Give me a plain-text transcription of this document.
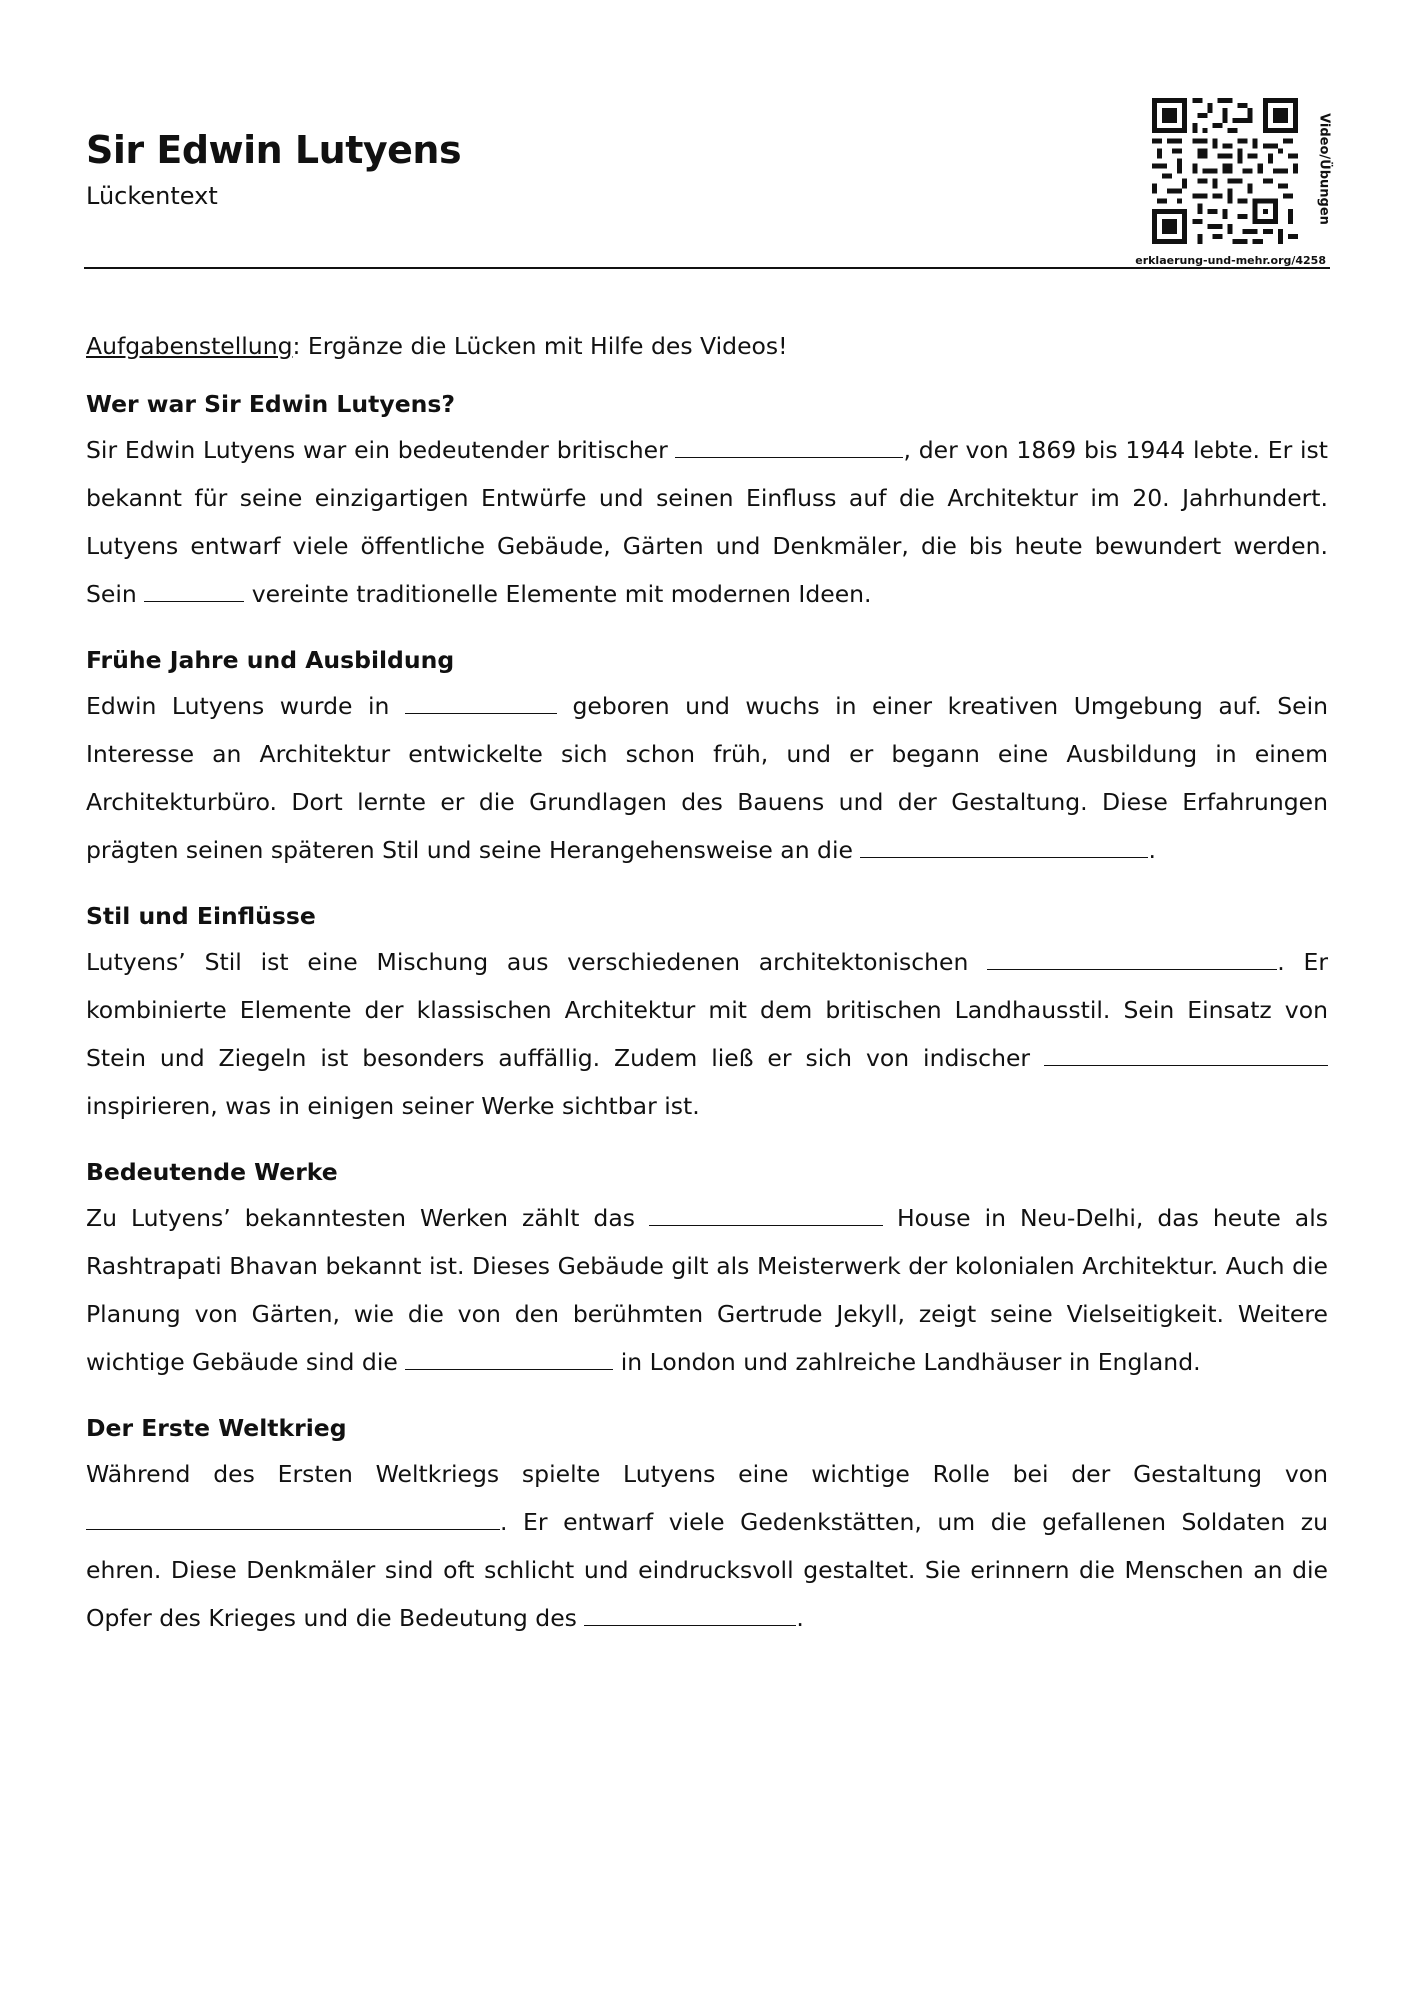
Sir Edwin Lutyens
Lückentext	Video/Übungen
erklaerung-und-mehr.org/4258

Aufgabenstellung: Ergänze die Lücken mit Hilfe des Videos!

Wer war Sir Edwin Lutyens?

Sir Edwin Lutyens war ein bedeutender britischer	, der von 1869 bis 1944 lebte. Er ist bekannt für seine einzigartigen Entwürfe und seinen Einfluss auf die Architektur im 20. Jahrhundert. Lutyens entwarf viele öffentliche Gebäude, Gärten und Denkmäler, die bis heute bewundert werden. Sein	vereinte traditionelle Elemente mit modernen Ideen.

Frühe Jahre und Ausbildung

Edwin Lutyens wurde in	geboren und wuchs in einer kreativen Umgebung auf. Sein Interesse an Architektur entwickelte sich schon früh, und er begann eine Ausbildung in einem Architekturbüro. Dort lernte er die Grundlagen des Bauens und der Gestaltung. Diese Erfahrungen prägten seinen späteren Stil und seine Herangehensweise an die	.

Stil und Einflüsse

Lutyens’ Stil ist eine Mischung aus verschiedenen architektonischen	. Er kombinierte Elemente der klassischen Architektur mit dem britischen Landhausstil. Sein Einsatz von Stein und Ziegeln ist besonders auffällig. Zudem ließ er sich von indischer  inspirieren, was in einigen seiner Werke sichtbar ist.

Bedeutende Werke

Zu Lutyens’ bekanntesten Werken zählt das	House in Neu-Delhi, das heute als Rashtrapati Bhavan bekannt ist. Dieses Gebäude gilt als Meisterwerk der kolonialen Architektur. Auch die Planung von Gärten, wie die von den berühmten Gertrude Jekyll, zeigt seine Vielseitigkeit. Weitere wichtige Gebäude sind die	in London und zahlreiche Landhäuser in England.

Der Erste Weltkrieg

Während des Ersten Weltkriegs spielte Lutyens eine wichtige Rolle bei der Gestaltung von . Er entwarf viele Gedenkstätten, um die gefallenen Soldaten zu ehren. Diese Denkmäler sind oft schlicht und eindrucksvoll gestaltet. Sie erinnern die Menschen an die Opfer des Krieges und die Bedeutung des	.
